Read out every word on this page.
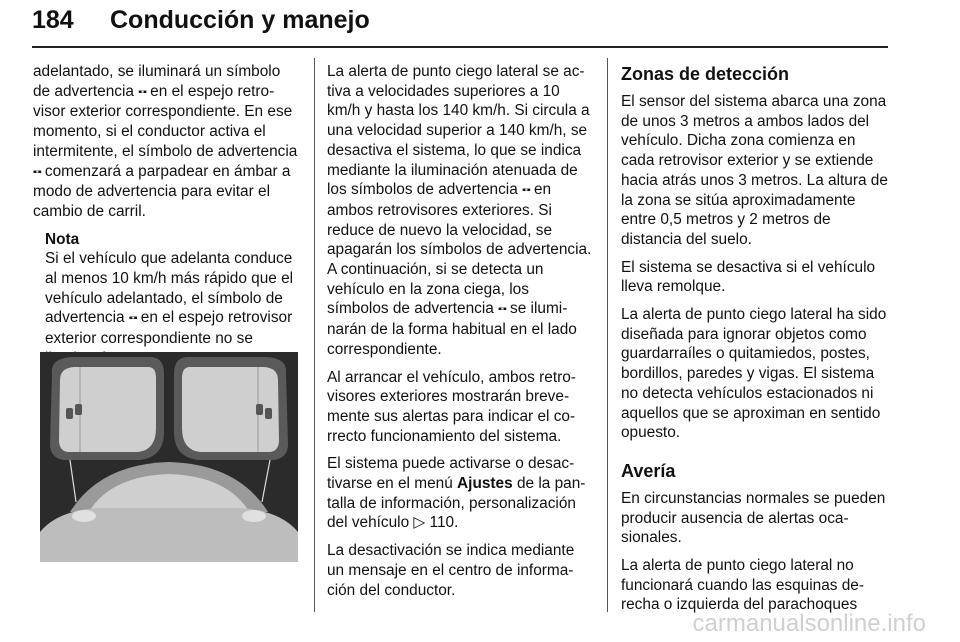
184 Conducción y manejo

adelantado, se iluminará un símbolo de advertencia ▪▫▪ en el espejo retrovisor exterior correspondiente. En ese momento, si el conductor activa el intermitente, el símbolo de advertencia ▪▫▪ comenzará a parpadear en ámbar a modo de advertencia para evitar el cambio de carril.

Nota
Si el vehículo que adelanta conduce al menos 10 km/h más rápido que el vehículo adelantado, el símbolo de advertencia ▪▫▪ en el espejo retrovisor exterior correspondiente no se

La alerta de punto ciego lateral se activa a velocidades superiores a 10 km/h y hasta los 140 km/h. Si circula a una velocidad superior a 140 km/h, se desactiva el sistema, lo que se indica mediante la iluminación atenuada de los símbolos de advertencia ▪▫▪ en ambos retrovisores exteriores. Si reduce de nuevo la velocidad, se apagarán los símbolos de advertencia. A continuación, si se detecta un vehículo en la zona ciega, los símbolos de advertencia ▪▫▪ se iluminarán de la forma habitual en el lado correspondiente.

Al arrancar el vehículo, ambos retrovisores exteriores mostrarán brevemente sus alertas para indicar el correcto funcionamiento del sistema.

El sistema puede activarse o desactivarse en el menú Ajustes de la pantalla de información, personalización del vehículo ▷ 110.

La desactivación se indica mediante un mensaje en el centro de información del conductor.

Zonas de detección

El sensor del sistema abarca una zona de unos 3 metros a ambos lados del vehículo. Dicha zona comienza en cada retrovisor exterior y se extiende hacia atrás unos 3 metros. La altura de la zona se sitúa aproximadamente entre 0,5 metros y 2 metros de distancia del suelo.

El sistema se desactiva si el vehículo lleva remolque.

La alerta de punto ciego lateral ha sido diseñada para ignorar objetos como guardarraíles o quitamiedos, postes, bordillos, paredes y vigas. El sistema no detecta vehículos estacionados ni aquellos que se aproximan en sentido opuesto.

Avería

En circunstancias normales se pueden producir ausencia de alertas ocasionales.

La alerta de punto ciego lateral no funcionará cuando las esquinas derecha o izquierda del parachoques

carmanualsonline.info
